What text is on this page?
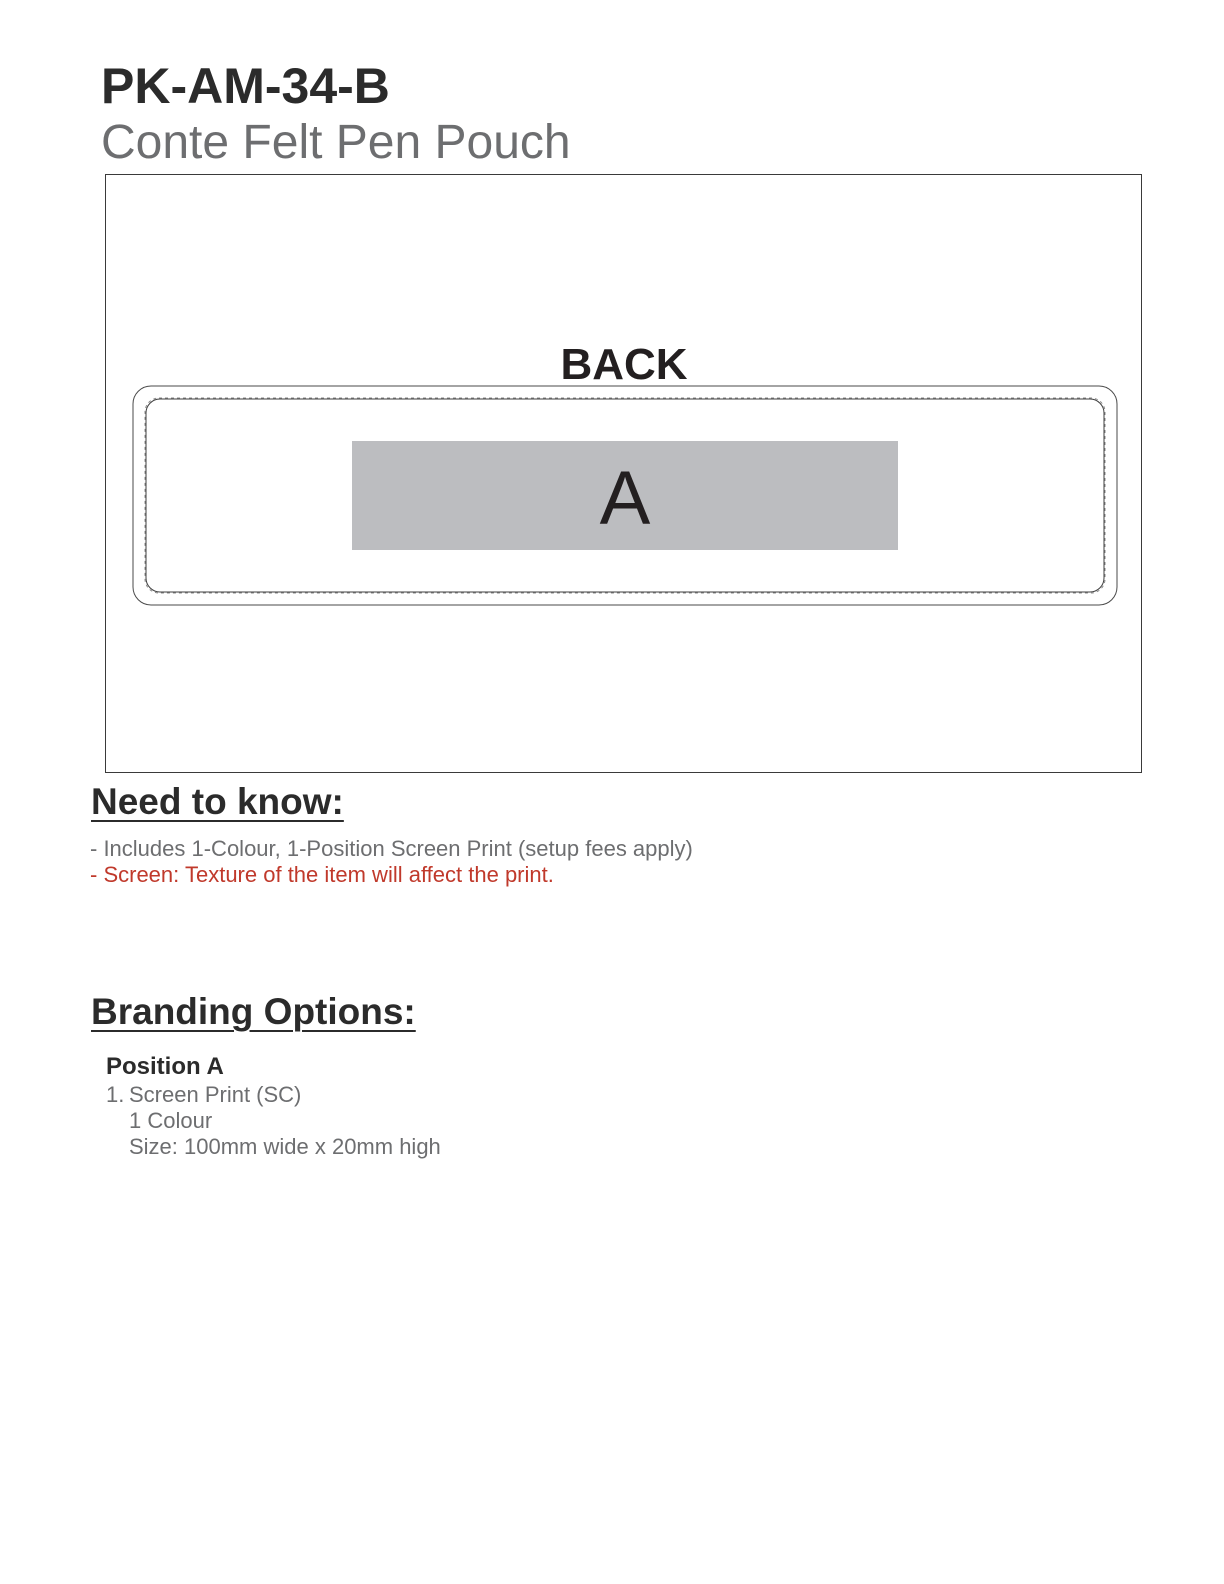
PK-AM-34-B
Conte Felt Pen Pouch
BACK
A
Need to know:

- Includes 1-Colour, 1-Position Screen Print (setup fees apply)

- Screen: Texture of the item will affect the print.

Branding Options:

Position A

1. Screen Print (SC)

1 Colour

Size: 100mm wide x 20mm high
